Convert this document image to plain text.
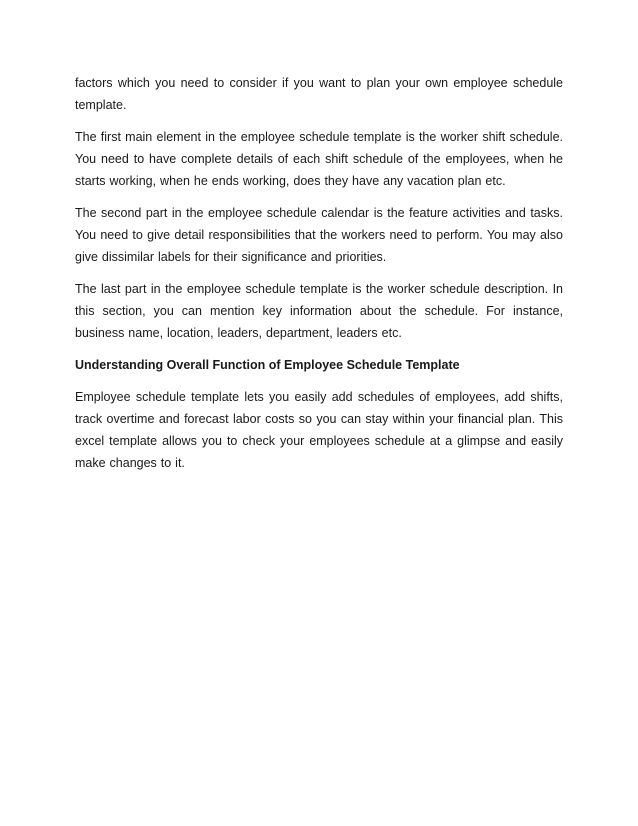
factors which you need to consider if you want to plan your own employee schedule template.

The first main element in the employee schedule template is the worker shift schedule. You need to have complete details of each shift schedule of the employees, when he starts working, when he ends working, does they have any vacation plan etc.

The second part in the employee schedule calendar is the feature activities and tasks. You need to give detail responsibilities that the workers need to perform. You may also give dissimilar labels for their significance and priorities.

The last part in the employee schedule template is the worker schedule description. In this section, you can mention key information about the schedule. For instance, business name, location, leaders, department, leaders etc.

Understanding Overall Function of Employee Schedule Template

Employee schedule template lets you easily add schedules of employees, add shifts, track overtime and forecast labor costs so you can stay within your financial plan. This excel template allows you to check your employees schedule at a glimpse and easily make changes to it.
